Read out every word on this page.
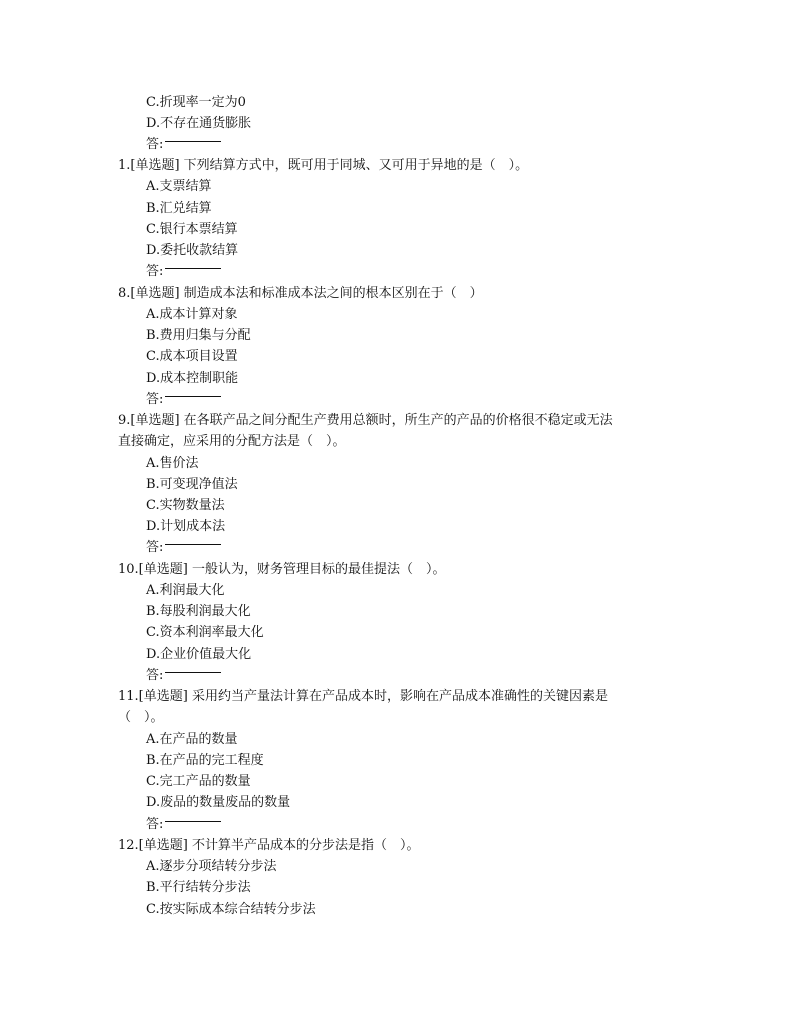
C.折现率一定为0
D.不存在通货膨胀
答:
1.[单选题] 下列结算方式中，既可用于同城、又可用于异地的是（　）。
A.支票结算
B.汇兑结算
C.银行本票结算
D.委托收款结算
答:
8.[单选题] 制造成本法和标准成本法之间的根本区别在于（　）
A.成本计算对象
B.费用归集与分配
C.成本项目设置
D.成本控制职能
答:
9.[单选题] 在各联产品之间分配生产费用总额时，所生产的产品的价格很不稳定或无法
直接确定，应采用的分配方法是（　）。
A.售价法
B.可变现净值法
C.实物数量法
D.计划成本法
答:
10.[单选题] 一般认为，财务管理目标的最佳提法（　）。
A.利润最大化
B.每股利润最大化
C.资本利润率最大化
D.企业价值最大化
答:
11.[单选题] 采用约当产量法计算在产品成本时，影响在产品成本准确性的关键因素是
（　）。
A.在产品的数量
B.在产品的完工程度
C.完工产品的数量
D.废品的数量废品的数量
答:
12.[单选题] 不计算半产品成本的分步法是指（　）。
A.逐步分项结转分步法
B.平行结转分步法
C.按实际成本综合结转分步法
